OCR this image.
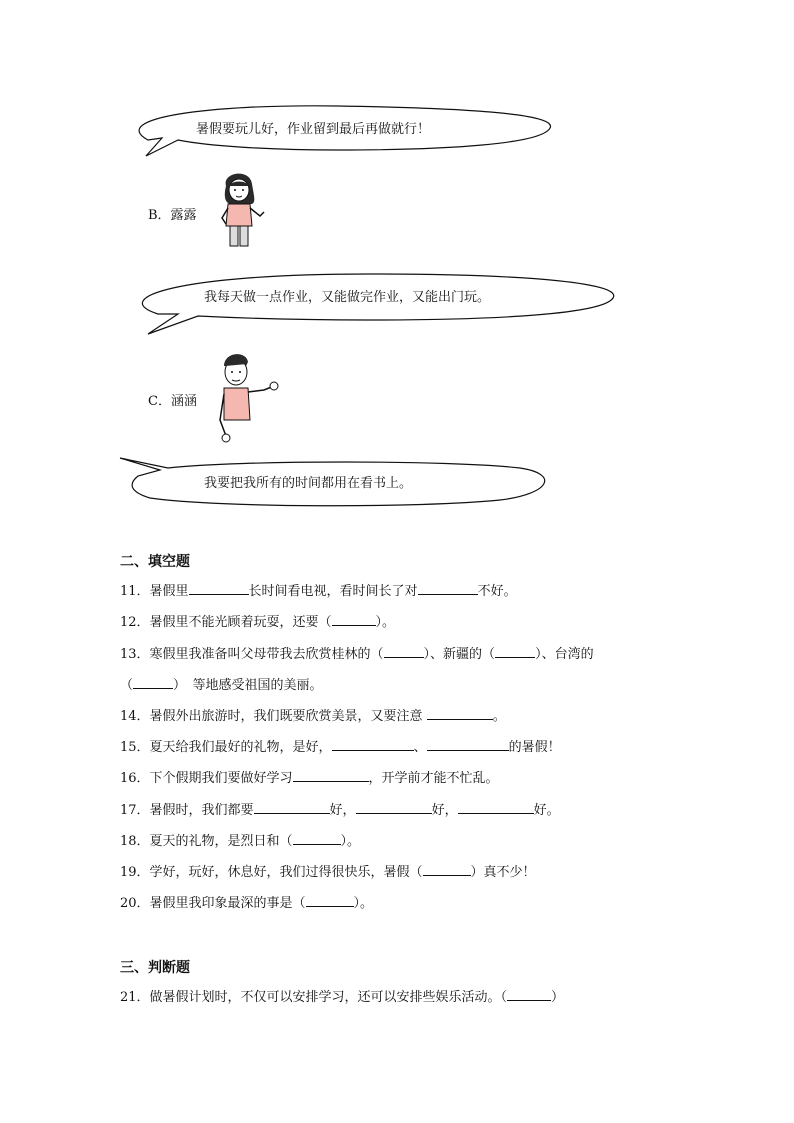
暑假要玩儿好，作业留到最后再做就行！
B．露露
我每天做一点作业，又能做完作业，又能出门玩。
C．涵涵
我要把我所有的时间都用在看书上。
二、填空题
11．暑假里	长时间看电视，看时间长了对	不好。
12．暑假里不能光顾着玩耍，还要（	）。
13．寒假里我准备叫父母带我去欣赏桂林的（	）、新疆的（	）、台湾的
（	）　等地感受祖国的美丽。
14．暑假外出旅游时，我们既要欣赏美景，又要注意	。
15．夏天给我们最好的礼物，是好，	、	的暑假！
16．下个假期我们要做好学习	，开学前才能不忙乱。
17．暑假时，我们都要	好，	好，	好。
18．夏天的礼物，是烈日和（	）。
19．学好，玩好，休息好，我们过得很快乐，暑假（	）真不少！
20．暑假里我印象最深的事是（	）。
三、判断题
21．做暑假计划时，不仅可以安排学习，还可以安排些娱乐活动。（	）
